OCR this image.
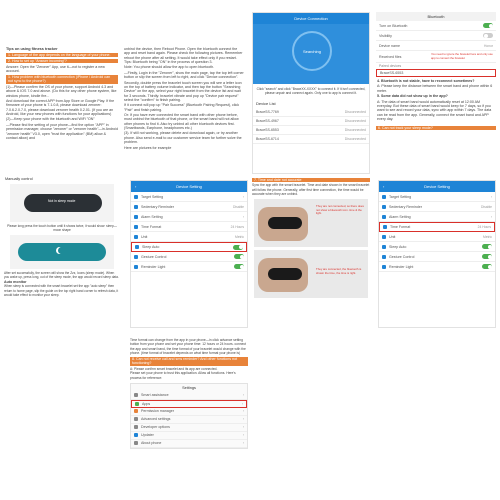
Tips on using fitness tracker
1. Language of the app depends on the language of your phone.
2. How to set up "Answer incoming"?
Answer: Open the "Zeroner" App, use it—not to register a new account.
1. How problem with bluetooth connection (iPhone / Android can not sync to the phone?)

(1)—Please confirm the OS of your phone, support Android 4.3 and above & IOS 7.0 and above. (Do this for any other phone system, like window phone, kindle fire...

And download the correct APP from App Store or Google Play. If the firmware of your phone is 7.1.0.8, please download zeroner: 7.0.6.2.0.7.0, please download zeroner health 0.2.01. (If you are an Android, like your new phones with functions for your applications)

(2)—Keep your phone with the bluetooth and WiFi "ON"

—Please find the setting of your phone—find the option "APP" in permission manager, choose "zeroner" or "zeroner health"—in Android "zeroner health" V3.0, open "trust the application" (BM) allow & contact allow) and

unbind the device, then Reboot Phone. Open the bluetooth connect the app and reset band again. Please check the following pictures. Remember reboot the phone after all setting. It would take effect only if you restart. Tips: Bluetooth being "ON" in the process of question 3.

Note: You phone should allow the app to open bluetooth.

—Firstly, Login in the "Zeroner", show the main page, tap the top left corner button or slip the screen from left to right, and click "Device connection".

Secondly, double press the bracelet touch screen you will see a letter icon on the top of battery volume indicator, and then tap the button "Searching Device" on the app, select your right bracelet from the device list and wait for 3 seconds. Thirdly: bracelet vibrate and pop up "Device pair request" select the "confirm" to finish pairing.

If it connect will pop up "Pair Success" (Bluetooth Pairing Request), click "Pair" and finish pairing.

Or: If you have ever connected the smart band with other phone before, must unbind the bluetooth of that phone, or the smart band will not allow other phones to find it. Also try unbind all other bluetooth devices first. (Smartbands, Earphone, headphones etc.)

(3). If still not working, please delete and download again, or try another phone. Also send e-mail to our customer service team for further solve the problem.

Here are pictures for example

Device Connection
Searching
Click "search" and click "BraceXX-XXXX" to connect it. If it isn't connected, please unpair and connect again. Only one to app is connect it.
Device List
BraceSS-7769	Disconnected
BraceSS-4967	Disconnected
BraceSS-6553	Disconnected
BraceSS-6714	Disconnected
Bluetooth
Turn on Bluetooth
Visibility
Device name	Honor
Received files
You need to ignore the bracelet here and only use app to connect the bracelet
Paired devices
BraceSS-6553

4. Bluetooth is not stable, have to reconnect sometimes?

A: Please keep the distance between the smart band and phone within 6 meter.

5. Some data did not show up in the app?

A: The data of smart band would automatically reset at 12:00 AM everyday. But these data of smart band would keep for 7 days, so if you want to see and record your data, sync with app within 7 days. The data can be read from the app. Generally, connect the smart band and APP every day.

6. Can not track your sleep mode?
Manually control
Not in sleep mode
Please long press the touch button until it shows twice, it would show: sleep—moon shape
After set successfully, the screen will show the Zzz, Icons (sleep mode). When you wake up, press long, out of the sleep mode, the app would record sleep data.
Auto monitor
When sleep is connected with the smart bracelet set the app "auto sleep" then return to home page, slip the guide on the top right hand corner to refresh data, it would take effect to monitor your sleep.
‹	Device Setting
Target Setting	›
Sedentary Reminder	Disable
Alarm Setting	›
Time Format	24 Hours
Unit	Metric
Sleep Auto
Gesture Control
Reminder Light
7. Time and date not accurate
Sync the app with the smart bracelet. Time and date shown in the smart bracelet will follow the phone. Generally, after first time connection, the time would be accurate when they are unbind.
They are not connected, so there does not show a bluetooth icon. time & the light.
They are connected, the bluetooth is shown the time, the time is right.
‹	Device Setting
Target Setting	›
Sedentary Reminder	Disable
Alarm Setting	›
Time Format	24 Hours
Unit	Metric
Sleep Auto
Gesture Control
Reminder Light
Time format can change from the app in your phone—in click advance setting button from your phone and set your phone time: 12 hours or 24 hours. connect the app and smart band, the time format of your bracelet would change with the phone. (time format of bracelet depends on what time format your phone is)
8. Can not receive call and sms reminder? And other functions not functioning?
A: Please confirm smart bracelet and its app are connected.
Please set your phone to trust this application. Allow all functions. Here's process for reference:
Settings
Smart assistance	›
Apps	›
Permission manager	›
Advanced settings	›
Developer options	›
Updater	›
About phone	›
